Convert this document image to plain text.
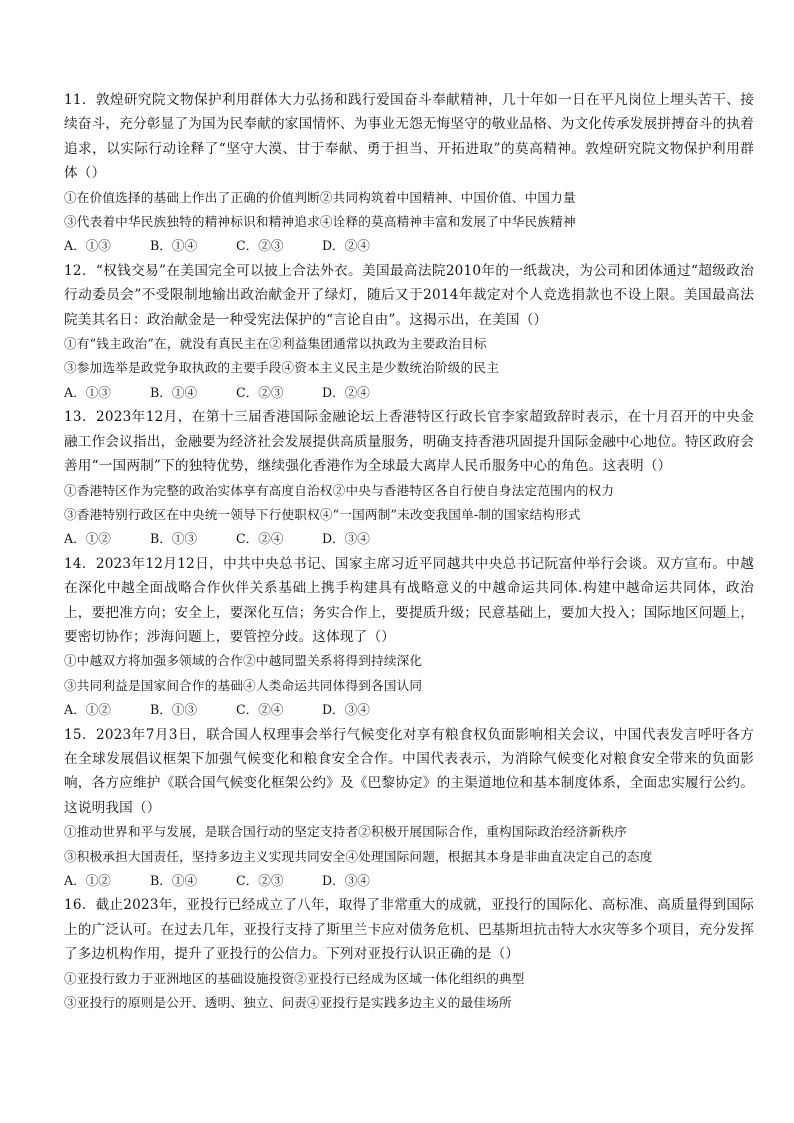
11．敦煌研究院文物保护利用群体大力弘扬和践行爱国奋斗奉献精神，几十年如一日在平凡岗位上埋头苦干、接续奋斗，充分彰显了为国为民奉献的家国情怀、为事业无怨无悔坚守的敬业品格、为文化传承发展拼搏奋斗的执着追求，以实际行动诠释了“坚守大漠、甘于奉献、勇于担当、开拓进取”的莫高精神。敦煌研究院文物保护利用群体（）

①在价值选择的基础上作出了正确的价值判断②共同构筑着中国精神、中国价值、中国力量

③代表着中华民族独特的精神标识和精神追求④诠释的莫高精神丰富和发展了中华民族精神

A．①③	B．①④	C．②③	D．②④

12．“权钱交易”在美国完全可以披上合法外衣。美国最高法院2010年的一纸裁决，为公司和团体通过“超级政治行动委员会”不受限制地输出政治献金开了绿灯，随后又于2014年裁定对个人竞选捐款也不设上限。美国最高法院美其名日：政治献金是一种受宪法保护的“言论自由”。这揭示出，在美国（）

①有“钱主政治”在，就没有真民主在②利益集团通常以执政为主要政治目标

③参加选举是政党争取执政的主要手段④资本主义民主是少数统治阶级的民主

A．①③	B．①④	C．②③	D．②④

13．2023年12月，在第十三届香港国际金融论坛上香港特区行政长官李家超致辞时表示，在十月召开的中央金融工作会议指出，金融要为经济社会发展提供高质量服务，明确支持香港巩固提升国际金融中心地位。特区政府会善用“一国两制”下的独特优势，继续强化香港作为全球最大离岸人民币服务中心的角色。这表明（）

①香港特区作为完整的政治实体享有高度自治权②中央与香港特区各自行使自身法定范围内的权力

③香港特别行政区在中央统一领导下行使职权④“一国两制”未改变我国单-制的国家结构形式

A．①②	B．①③	C．②④	D．③④

14．2023年12月12日，中共中央总书记、国家主席习近平同越共中央总书记阮富仲举行会谈。双方宣布。中越在深化中越全面战略合作伙伴关系基础上携手构建具有战略意义的中越命运共同体.构建中越命运共同体，政治上，要把准方向；安全上，要深化互信；务实合作上，要提质升级；民意基础上，要加大投入；国际地区问题上，要密切协作；涉海问题上，要管控分歧。这体现了（）

①中越双方将加强多领域的合作②中越同盟关系将得到持续深化

③共同利益是国家间合作的基础④人类命运共同体得到各国认同

A．①②	B．①③	C．②④	D．③④

15．2023年7月3日，联合国人权理事会举行气候变化对享有粮食权负面影响相关会议，中国代表发言呼吁各方在全球发展倡议框架下加强气候变化和粮食安全合作。中国代表表示，为消除气候变化对粮食安全带来的负面影响，各方应维护《联合国气候变化框架公约》及《巴黎协定》的主渠道地位和基本制度体系，全面忠实履行公约。这说明我国（）

①推动世界和平与发展，是联合国行动的坚定支持者②积极开展国际合作，重构国际政治经济新秩序

③积极承担大国责任，坚持多边主义实现共同安全④处理国际问题，根据其本身是非曲直决定自己的态度

A．①②	B．①④	C．②③	D．③④

16．截止2023年，亚投行已经成立了八年，取得了非常重大的成就，亚投行的国际化、高标准、高质量得到国际上的广泛认可。在过去几年，亚投行支持了斯里兰卡应对债务危机、巴基斯坦抗击特大水灾等多个项目，充分发挥了多边机构作用，提升了亚投行的公信力。下列对亚投行认识正确的是（）

①亚投行致力于亚洲地区的基础设施投资②亚投行已经成为区域一体化组织的典型

③亚投行的原则是公开、透明、独立、问责④亚投行是实践多边主义的最佳场所
